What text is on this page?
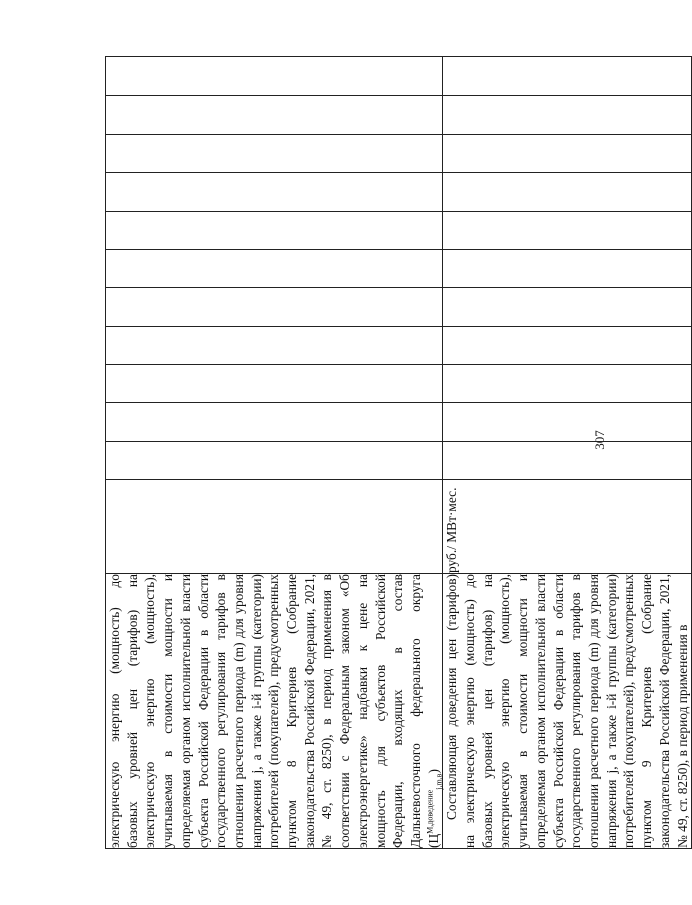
307
электрическую энергию (мощность) до базовых уровней цен (тарифов) на электрическую энергию (мощность), учитываемая в стоимости мощности и определяемая органом исполнительной власти субъекта Российской Федерации в области государственного регулирования тарифов в отношении расчетного периода (m) для уровня напряжения j, а также i-й группы (категории) потребителей (покупателей), предусмотренных пунктом 8 Критериев (Собрание законодательства Российской Федерации, 2021, № 49, ст. 8250), в период применения в соответствии с Федеральным законом «Об электроэнергетике» надбавки к цене на мощность для субъектов Российской Федерации, входящих в состав Дальневосточного федерального округа $(Ц^{M,доведение}_{j,m,в})$												

Составляющая доведения цен (тарифов) на электрическую энергию (мощность) до базовых уровней цен (тарифов) на электрическую энергию (мощность), учитываемая в стоимости мощности и определяемая органом исполнительной власти субъекта Российской Федерации в области государственного регулирования тарифов в отношении расчетного периода (m) для уровня напряжения j, а также i-й группы (категории) потребителей (покупателей), предусмотренных пунктом 9 Критериев (Собрание законодательства Российской Федерации, 2021, № 49, ст. 8250), в период применения в	руб./ МВт·мес.											
